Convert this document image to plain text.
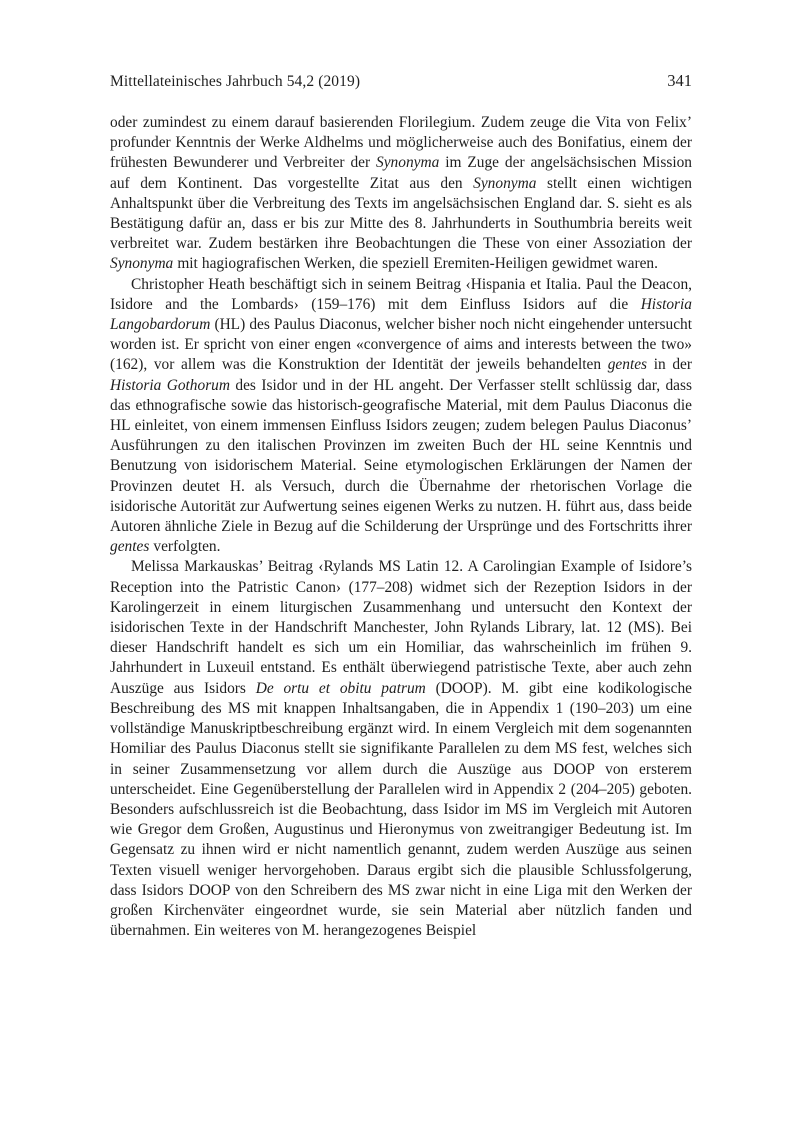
Mittellateinisches Jahrbuch 54,2 (2019)	341

oder zumindest zu einem darauf basierenden Florilegium. Zudem zeuge die Vita von Felix’ profunder Kenntnis der Werke Aldhelms und möglicherweise auch des Bonifatius, einem der frühesten Bewunderer und Verbreiter der Synonyma im Zuge der angelsächsischen Mission auf dem Kontinent. Das vorgestellte Zitat aus den Synonyma stellt einen wichtigen Anhaltspunkt über die Verbreitung des Texts im angelsächsischen England dar. S. sieht es als Bestätigung dafür an, dass er bis zur Mitte des 8. Jahrhunderts in Southumbria bereits weit verbreitet war. Zudem bestärken ihre Beobachtungen die These von einer Assoziation der Synonyma mit hagiografischen Werken, die speziell Eremiten-Heiligen gewidmet waren.

Christopher Heath beschäftigt sich in seinem Beitrag ‹Hispania et Italia. Paul the Deacon, Isidore and the Lombards› (159–176) mit dem Einfluss Isidors auf die Historia Langobardorum (HL) des Paulus Diaconus, welcher bisher noch nicht eingehender untersucht worden ist. Er spricht von einer engen «convergence of aims and interests between the two» (162), vor allem was die Konstruktion der Identität der jeweils behandelten gentes in der Historia Gothorum des Isidor und in der HL angeht. Der Verfasser stellt schlüssig dar, dass das ethnografische sowie das historisch-geografische Material, mit dem Paulus Diaconus die HL einleitet, von einem immensen Einfluss Isidors zeugen; zudem belegen Paulus Diaconus’ Ausführungen zu den italischen Provinzen im zweiten Buch der HL seine Kenntnis und Benutzung von isidorischem Material. Seine etymologischen Erklärungen der Namen der Provinzen deutet H. als Versuch, durch die Übernahme der rhetorischen Vorlage die isidorische Autorität zur Aufwertung seines eigenen Werks zu nutzen. H. führt aus, dass beide Autoren ähnliche Ziele in Bezug auf die Schilderung der Ursprünge und des Fortschritts ihrer gentes verfolgten.

Melissa Markauskas’ Beitrag ‹Rylands MS Latin 12. A Carolingian Example of Isidore’s Reception into the Patristic Canon› (177–208) widmet sich der Rezeption Isidors in der Karolingerzeit in einem liturgischen Zusammenhang und untersucht den Kontext der isidorischen Texte in der Handschrift Manchester, John Rylands Library, lat. 12 (MS). Bei dieser Handschrift handelt es sich um ein Homiliar, das wahrscheinlich im frühen 9. Jahrhundert in Luxeuil entstand. Es enthält überwiegend patristische Texte, aber auch zehn Auszüge aus Isidors De ortu et obitu patrum (DOOP). M. gibt eine kodikologische Beschreibung des MS mit knappen Inhaltsangaben, die in Appendix 1 (190–203) um eine vollständige Manuskriptbeschreibung ergänzt wird. In einem Vergleich mit dem sogenannten Homiliar des Paulus Diaconus stellt sie signifikante Parallelen zu dem MS fest, welches sich in seiner Zusammensetzung vor allem durch die Auszüge aus DOOP von ersterem unterscheidet. Eine Gegenüberstellung der Parallelen wird in Appendix 2 (204–205) geboten. Besonders aufschlussreich ist die Beobachtung, dass Isidor im MS im Vergleich mit Autoren wie Gregor dem Großen, Augustinus und Hieronymus von zweitrangiger Bedeutung ist. Im Gegensatz zu ihnen wird er nicht namentlich genannt, zudem werden Auszüge aus seinen Texten visuell weniger hervorgehoben. Daraus ergibt sich die plausible Schlussfolgerung, dass Isidors DOOP von den Schreibern des MS zwar nicht in eine Liga mit den Werken der großen Kirchenväter eingeordnet wurde, sie sein Material aber nützlich fanden und übernahmen. Ein weiteres von M. herangezogenes Beispiel
